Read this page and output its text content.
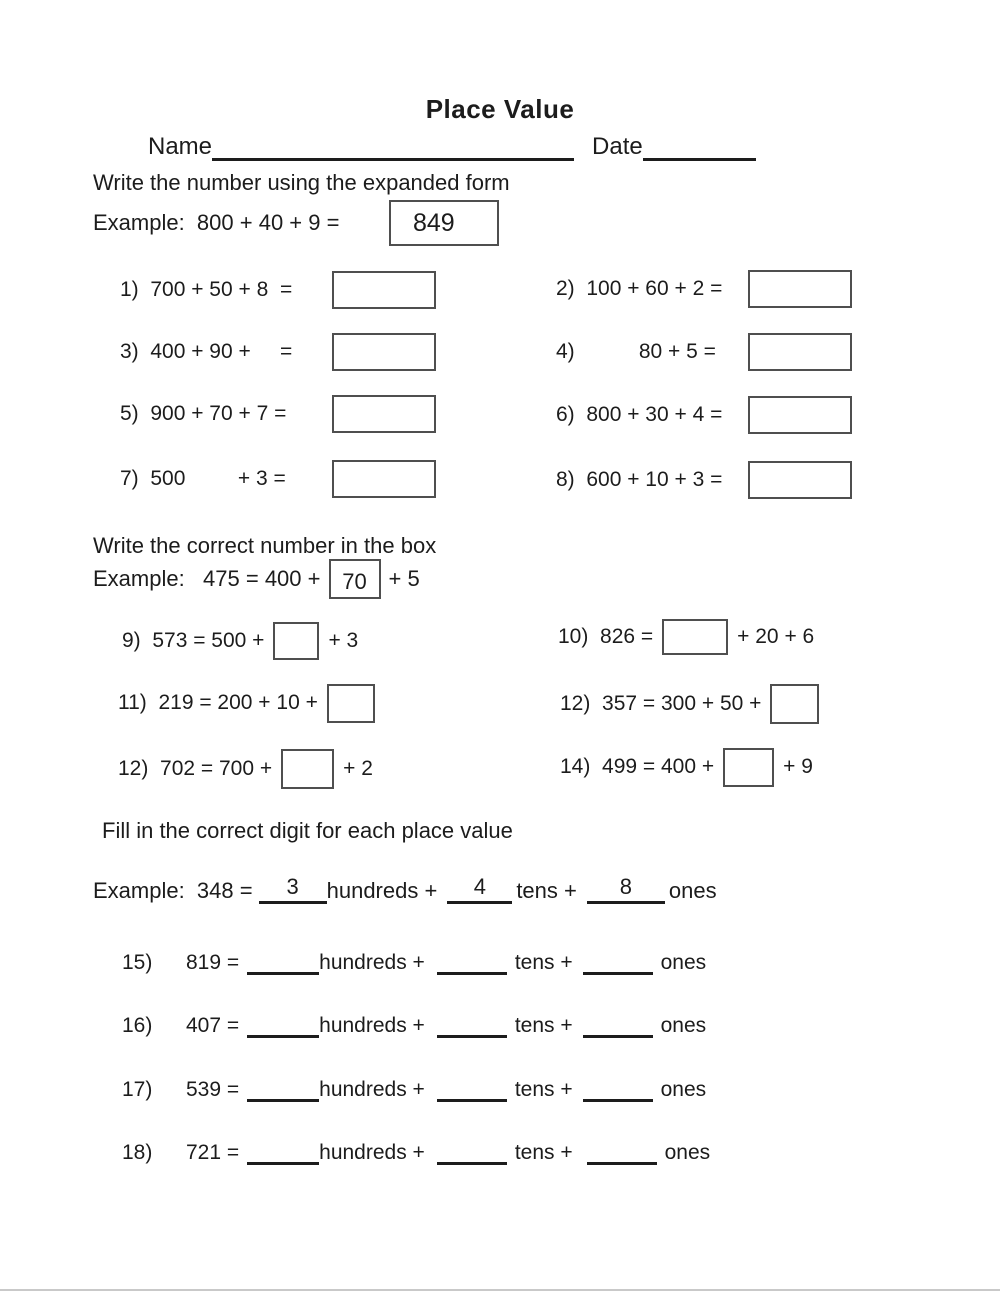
Place Value
Name	Date
Write the number using the expanded form
Example:  800 + 40 + 9 =	849
1)  700 + 50 + 8  =	2)  100 + 60 + 2 =
3)  400 + 90 +     =	4)           80 + 5 =
5)  900 + 70 + 7 =	6)  800 + 30 + 4 =
7)  500         + 3 =	8)  600 + 10 + 3 =
Write the correct number in the box
Example:   475 = 400 + 70 + 5
9)  573 = 500 +	+ 3	10)  826 =	+ 20 + 6
11)  219 = 200 + 10 +	12)  357 = 300 + 50 +
12)  702 = 700 +	+ 2	14)  499 = 400 +	+ 9
Fill in the correct digit for each place value
Example:  348 =	3	hundreds +	4	tens +	8	ones
15)	819 =	hundreds +	tens +	ones
16)	407 =	hundreds +	tens +	ones
17)	539 =	hundreds +	tens +	ones
18)	721 =	hundreds +	tens +	ones
